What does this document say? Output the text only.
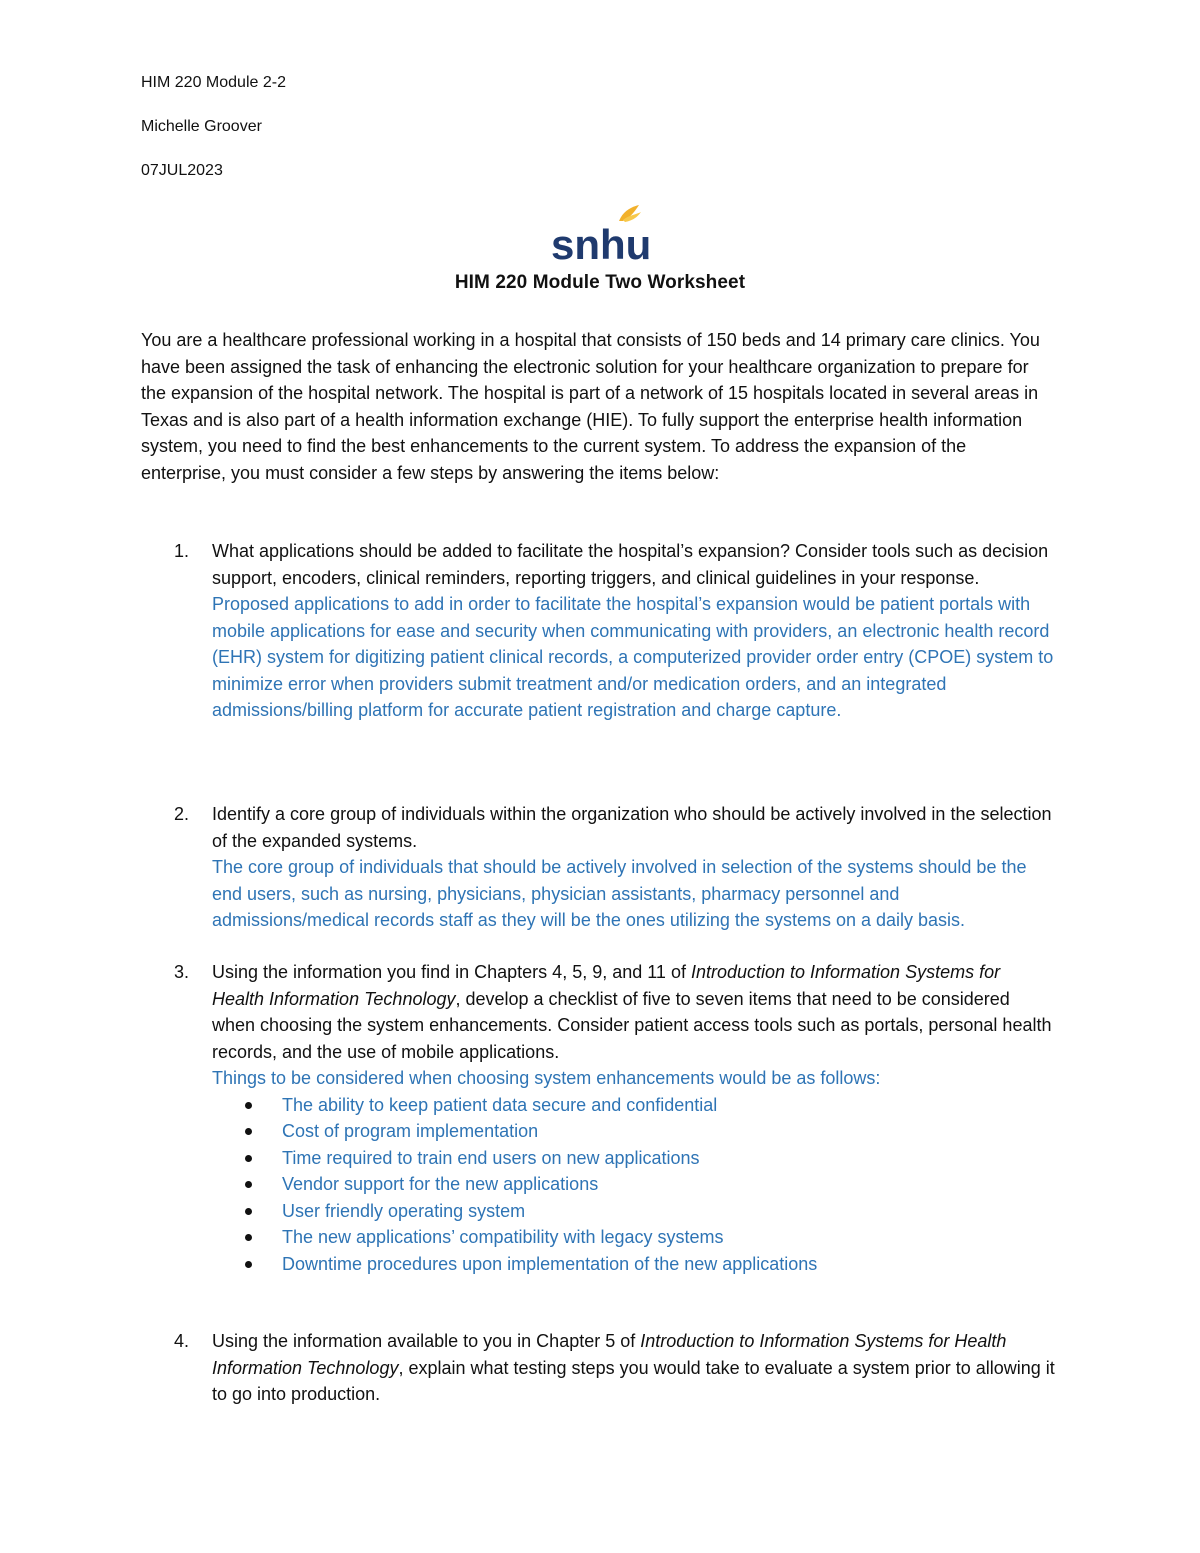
HIM 220 Module 2-2
Michelle Groover
07JUL2023
snhu
HIM 220 Module Two Worksheet
You are a healthcare professional working in a hospital that consists of 150 beds and 14 primary care clinics. You have been assigned the task of enhancing the electronic solution for your healthcare organization to prepare for the expansion of the hospital network. The hospital is part of a network of 15 hospitals located in several areas in Texas and is also part of a health information exchange (HIE). To fully support the enterprise health information system, you need to find the best enhancements to the current system. To address the expansion of the enterprise, you must consider a few steps by answering the items below:
1.	What applications should be added to facilitate the hospital’s expansion? Consider tools such as decision support, encoders, clinical reminders, reporting triggers, and clinical guidelines in your response.
Proposed applications to add in order to facilitate the hospital’s expansion would be patient portals with mobile applications for ease and security when communicating with providers, an electronic health record (EHR) system for digitizing patient clinical records, a computerized provider order entry (CPOE) system to minimize error when providers submit treatment and/or medication orders, and an integrated admissions/billing platform for accurate patient registration and charge capture.
2.	Identify a core group of individuals within the organization who should be actively involved in the selection of the expanded systems.
The core group of individuals that should be actively involved in selection of the systems should be the end users, such as nursing, physicians, physician assistants, pharmacy personnel and admissions/medical records staff as they will be the ones utilizing the systems on a daily basis.
3.	Using the information you find in Chapters 4, 5, 9, and 11 of Introduction to Information Systems for Health Information Technology, develop a checklist of five to seven items that need to be considered when choosing the system enhancements. Consider patient access tools such as portals, personal health records, and the use of mobile applications.
Things to be considered when choosing system enhancements would be as follows:
The ability to keep patient data secure and confidential
Cost of program implementation
Time required to train end users on new applications
Vendor support for the new applications
User friendly operating system
The new applications’ compatibility with legacy systems
Downtime procedures upon implementation of the new applications
4.	Using the information available to you in Chapter 5 of Introduction to Information Systems for Health Information Technology, explain what testing steps you would take to evaluate a system prior to allowing it to go into production.
